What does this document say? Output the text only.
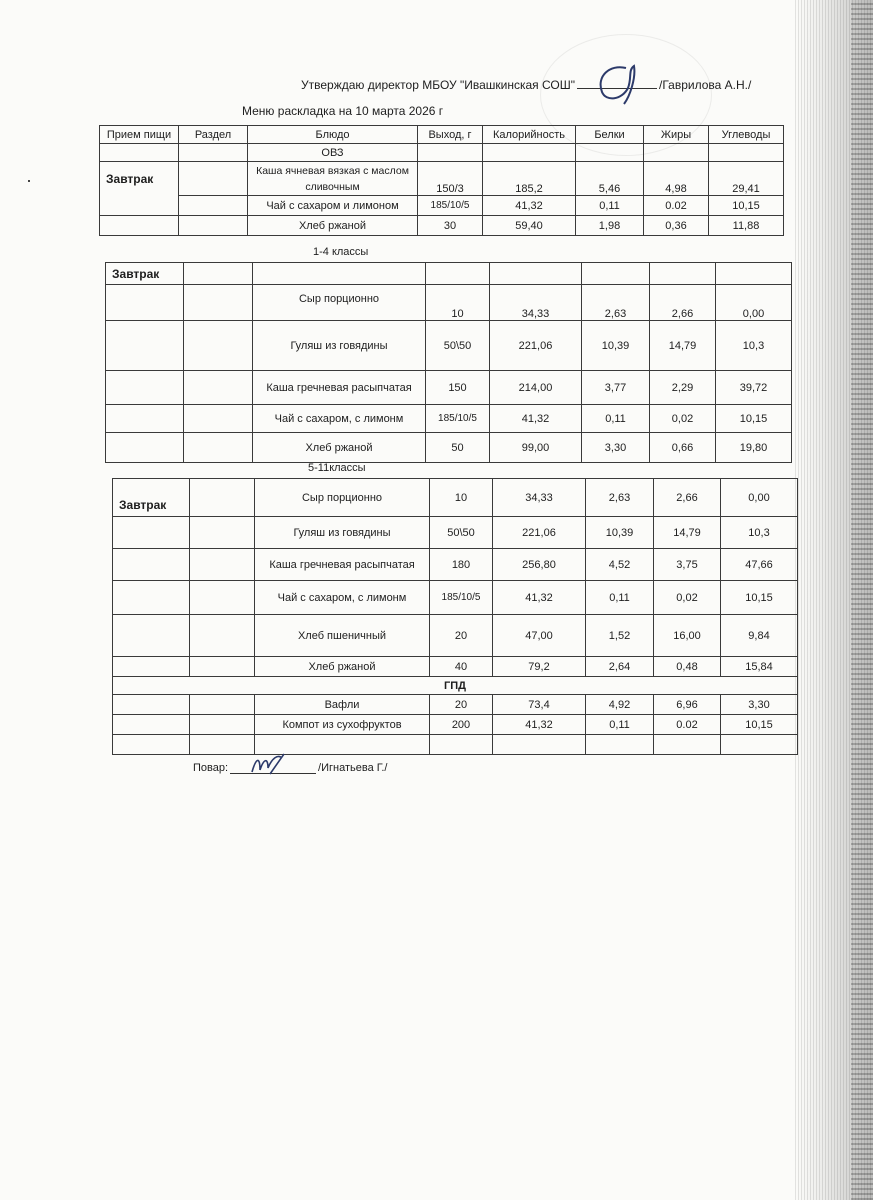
Утверждаю директор МБОУ "Ивашкинская СОШ"	/Гаврилова А.Н./
Меню раскладка на 10 марта 2026 г
Прием пищи	Раздел	Блюдо	Выход, г	Калорийность	Белки	Жиры	Углеводы
		ОВЗ					
Завтрак		Каша ячневая вязкая с маслом
сливочным	150/3	185,2	5,46	4,98	29,41
		Чай с сахаром и лимоном	185/10/5	41,32	0,11	0.02	10,15
		Хлеб ржаной	30	59,40	1,98	0,36	11,88
1-4 классы
Завтрак							
		Сыр порционно	10	34,33	2,63	2,66	0,00
		Гуляш из говядины	50\50	221,06	10,39	14,79	10,3
		Каша гречневая расыпчатая	150	214,00	3,77	2,29	39,72
		Чай с сахаром, с лимонм	185/10/5	41,32	0,11	0,02	10,15
		Хлеб ржаной	50	99,00	3,30	0,66	19,80
5-11классы
Завтрак		Сыр порционно	10	34,33	2,63	2,66	0,00
		Гуляш из говядины	50\50	221,06	10,39	14,79	10,3
		Каша гречневая расыпчатая	180	256,80	4,52	3,75	47,66
		Чай с сахаром, с лимонм	185/10/5	41,32	0,11	0,02	10,15
		Хлеб пшеничный	20	47,00	1,52	16,00	9,84
		Хлеб ржаной	40	79,2	2,64	0,48	15,84
ГПД							
		Вафли	20	73,4	4,92	6,96	3,30
		Компот из сухофруктов	200	41,32	0,11	0.02	10,15

Повар:	/Игнатьева Г./
